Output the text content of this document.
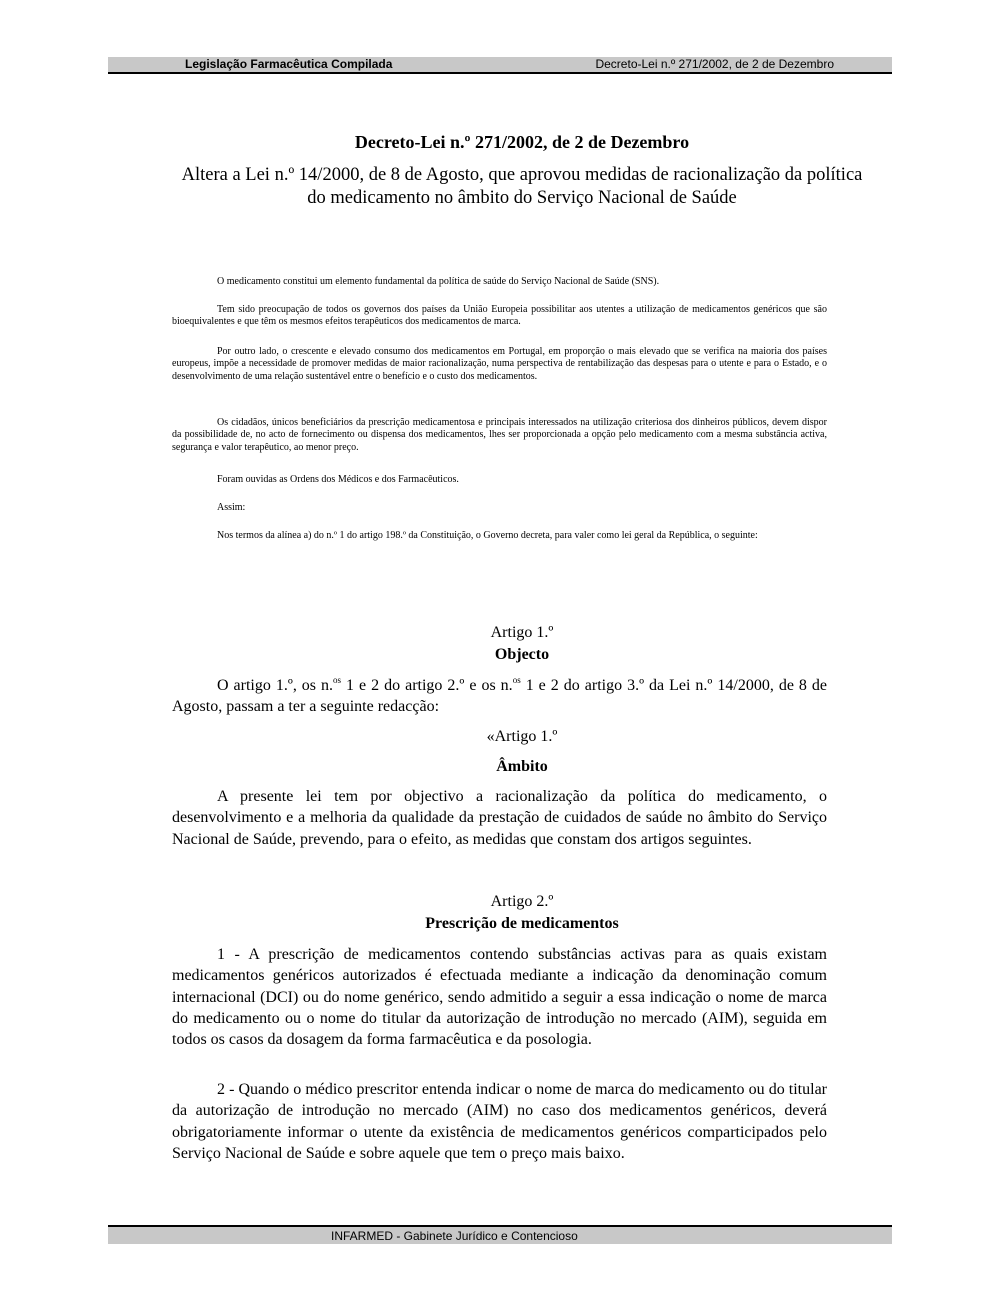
Legislação Farmacêutica Compilada	Decreto-Lei n.º 271/2002, de 2 de Dezembro
Decreto-Lei n.º 271/2002, de 2 de Dezembro
Altera a Lei n.º 14/2000, de 8 de Agosto, que aprovou medidas de racionalização da política do medicamento no âmbito do Serviço Nacional de Saúde

O medicamento constitui um elemento fundamental da política de saúde do Serviço Nacional de Saúde (SNS).

Tem sido preocupação de todos os governos dos países da União Europeia possibilitar aos utentes a utilização de medicamentos genéricos que são bioequivalentes e que têm os mesmos efeitos terapêuticos dos medicamentos de marca.

Por outro lado, o crescente e elevado consumo dos medicamentos em Portugal, em proporção o mais elevado que se verifica na maioria dos países europeus, impõe a necessidade de promover medidas de maior racionalização, numa perspectiva de rentabilização das despesas para o utente e para o Estado, e o desenvolvimento de uma relação sustentável entre o benefício e o custo dos medicamentos.

Os cidadãos, únicos beneficiários da prescrição medicamentosa e principais interessados na utilização criteriosa dos dinheiros públicos, devem dispor da possibilidade de, no acto de fornecimento ou dispensa dos medicamentos, lhes ser proporcionada a opção pelo medicamento com a mesma substância activa, segurança e valor terapêutico, ao menor preço.

Foram ouvidas as Ordens dos Médicos e dos Farmacêuticos.

Assim:

Nos termos da alínea a) do n.º 1 do artigo 198.º da Constituição, o Governo decreta, para valer como lei geral da República, o seguinte:

Artigo 1.º
Objecto

O artigo 1.º, os n.$^{os}$ 1 e 2 do artigo 2.º e os n.$^{os}$ 1 e 2 do artigo 3.º da Lei n.º 14/2000, de 8 de Agosto, passam a ter a seguinte redacção:

«Artigo 1.º
Âmbito

A presente lei tem por objectivo a racionalização da política do medicamento, o desenvolvimento e a melhoria da qualidade da prestação de cuidados de saúde no âmbito do Serviço Nacional de Saúde, prevendo, para o efeito, as medidas que constam dos artigos seguintes.

Artigo 2.º
Prescrição de medicamentos

1 - A prescrição de medicamentos contendo substâncias activas para as quais existam medicamentos genéricos autorizados é efectuada mediante a indicação da denominação comum internacional (DCI) ou do nome genérico, sendo admitido a seguir a essa indicação o nome de marca do medicamento ou o nome do titular da autorização de introdução no mercado (AIM), seguida em todos os casos da dosagem da forma farmacêutica e da posologia.

2 - Quando o médico prescritor entenda indicar o nome de marca do medicamento ou do titular da autorização de introdução no mercado (AIM) no caso dos medicamentos genéricos, deverá obrigatoriamente informar o utente da existência de medicamentos genéricos comparticipados pelo Serviço Nacional de Saúde e sobre aquele que tem o preço mais baixo.

INFARMED - Gabinete Jurídico e Contencioso
